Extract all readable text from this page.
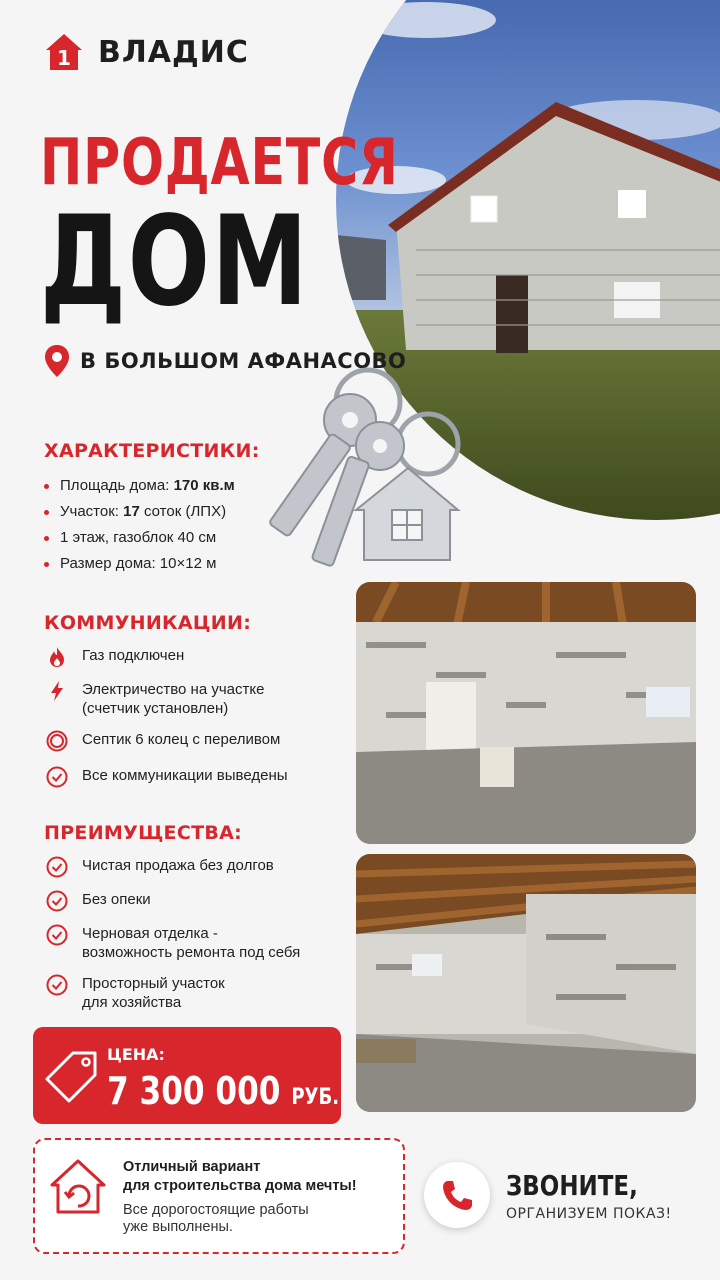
1 ВЛАДИС
ПРОДАЕТСЯ
ДОМ
В БОЛЬШОМ АФАНАСОВО
ХАРАКТЕРИСТИКИ:
Площадь дома: 170 кв.м
Участок: 17 соток (ЛПХ)
1 этаж, газоблок 40 см
Размер дома: 10×12 м
КОММУНИКАЦИИ:
Газ подключен
Электричество на участке
(счетчик установлен)
Септик 6 колец с переливом
Все коммуникации выведены
ПРЕИМУЩЕСТВА:
Чистая продажа без долгов
Без опеки
Черновая отделка -
возможность ремонта под себя
Просторный участок
для хозяйства
ЦЕНА:
7 300 000 РУБ.
Отличный вариант
для строительства дома мечты!
Все дорогостоящие работы
уже выполнены.
ЗВОНИТЕ,
ОРГАНИЗУЕМ ПОКАЗ!
